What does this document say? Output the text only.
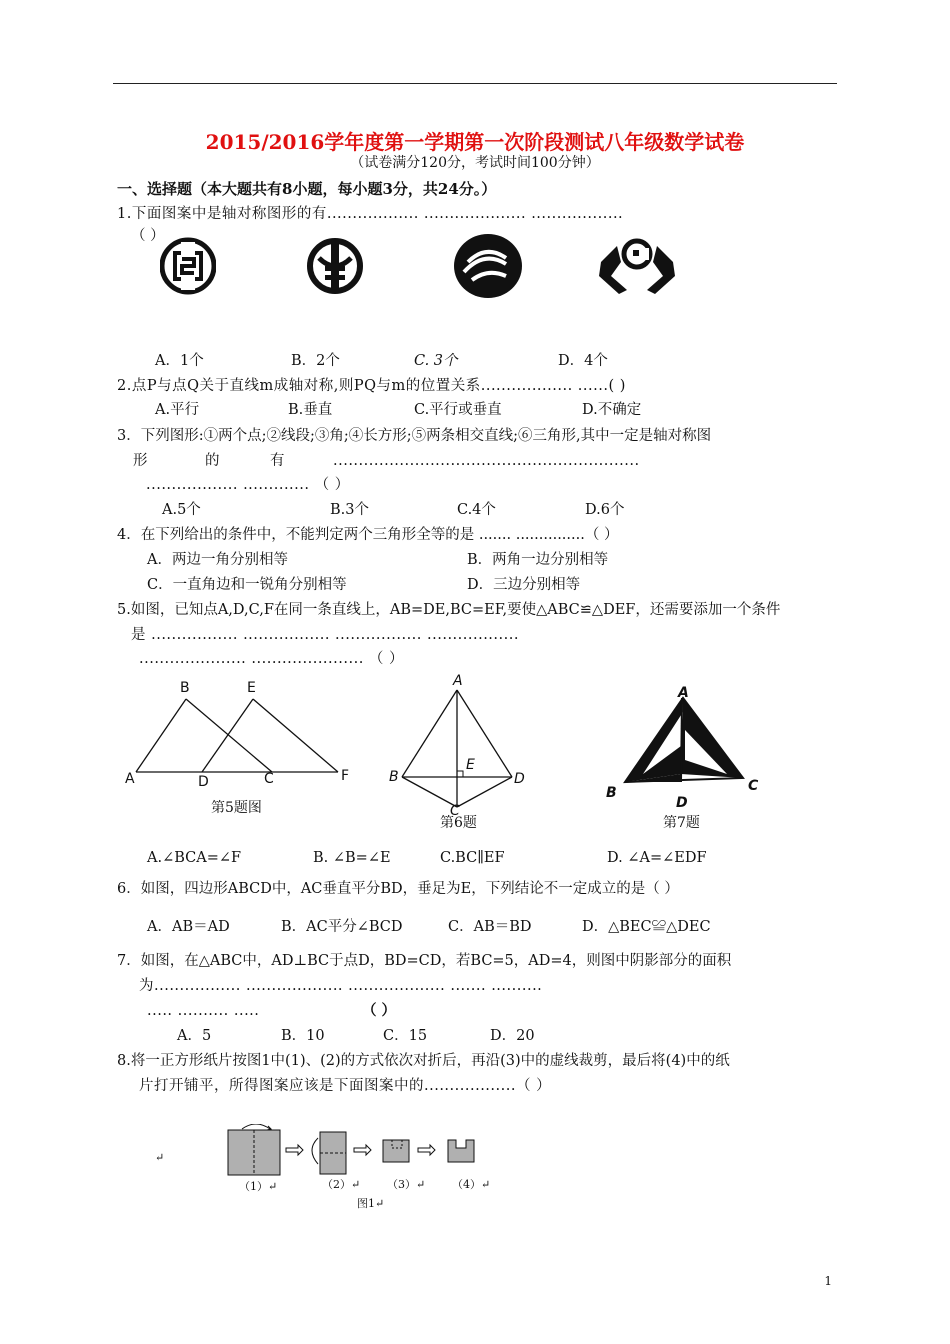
2015/2016学年度第一学期第一次阶段测试八年级数学试卷
（试卷满分120分，考试时间100分钟）
一、选择题（本大题共有8小题，每小题3分，共24分。）
1.下面图案中是轴对称图形的有.................. .................... ..................
（ ）
A．1个	B．2个	C. 3个	D．4个
2.点P与点Q关于直线m成轴对称,则PQ与m的位置关系.................. ......( )
A.平行	B.垂直	C.平行或垂直	D.不确定
3．下列图形:①两个点;②线段;③角;④长方形;⑤两条相交直线;⑥三角形,其中一定是轴对称图
形	的	有	............................................................
.................. ............. （ ）
A.5个	B.3个	C.4个	D.6个
4．在下列给出的条件中，不能判定两个三角形全等的是 ....... ...............（ ）
A．两边一角分别相等	B．两角一边分别相等
C．一直角边和一锐角分别相等	D．三边分别相等
5.如图，已知点A,D,C,F在同一条直线上，AB=DE,BC=EF,要使△ABC≌△DEF，还需要添加一个条件
是 ................. ................. ................. ..................
..................... ...................... （ ）
B	E
A	D	C	F
第5题图
A
B
E
D
C
第6题
A
B
D
C
第7题
A.∠BCA=∠F	B. ∠B=∠E	C.BC∥EF	D. ∠A=∠EDF
6．如图，四边形ABCD中，AC垂直平分BD，垂足为E，下列结论不一定成立的是（ ）
A．AB＝AD	B．AC平分∠BCD	C．AB＝BD	D．△BEC≌△DEC
7．如图，在△ABC中，AD⊥BC于点D，BD=CD，若BC=5，AD=4，则图中阴影部分的面积
为................. ................... ................... ....... ..........
..... .......... .....	（ ）
A．5	B．10	C．15	D．20
8.将一正方形纸片按图1中(1)、(2)的方式依次对折后，再沿(3)中的虚线裁剪，最后将(4)中的纸
片打开铺平，所得图案应该是下面图案中的..................（ ）
↵
（1）↵	（2）↵ （3）↵ （4）↵
图1↵
1
